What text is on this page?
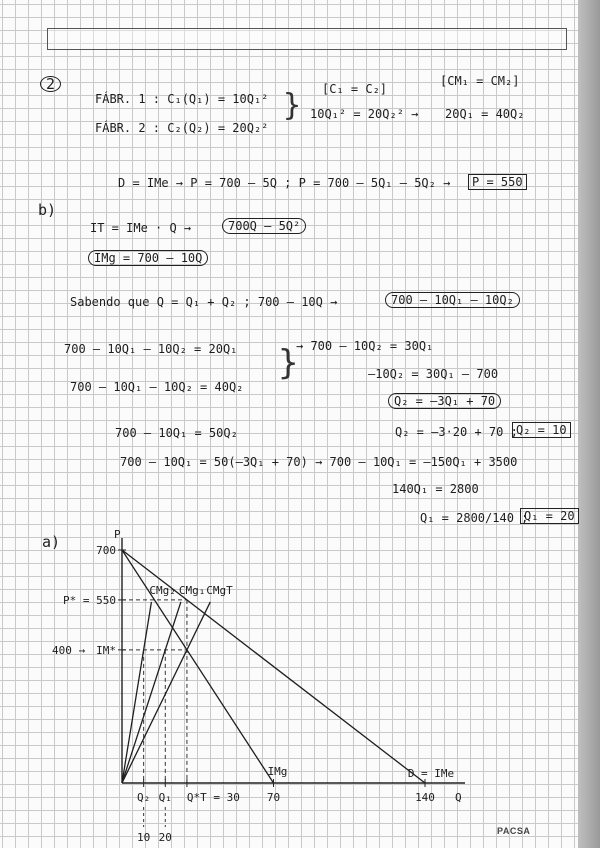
2
FÁBR. 1 : C₁(Q₁) = 10Q₁²
FÁBR. 2 : C₂(Q₂) = 20Q₂²
} [C₁ = C₂]
[CM₁ = CM₂]
10Q₁² = 20Q₂² → 20Q₁ = 40Q₂
D = IMe → P = 700 – 5Q ; P = 700 – 5Q₁ – 5Q₂ →	P = 550
b)
IT = IMe · Q →	700Q – 5Q²
IMg = 700 – 10Q
Sabendo que Q = Q₁ + Q₂ ; 700 – 10Q →	700 – 10Q₁ – 10Q₂
700 – 10Q₁ – 10Q₂ = 20Q₁
700 – 10Q₁ – 10Q₂ = 40Q₂
}
→ 700 – 10Q₂ = 30Q₁
–10Q₂ = 30Q₁ – 700
Q₂ = –3Q₁ + 70
Q₂ = –3·20 + 70 ;
Q₂ = 10
700 – 10Q₁ = 50Q₂
700 – 10Q₁ = 50(–3Q₁ + 70) → 700 – 10Q₁ = –150Q₁ + 3500
140Q₁ = 2800
Q₁ = 2800/140 ;
Q₁ = 20
a)	P
Q
D = IMe
IMg
CMg₂ CMg₁ CMgT
700
P* = 550
IM*
400 →
Q₂
10
Q₁
20
Q*T = 30 70	140
PACSA
